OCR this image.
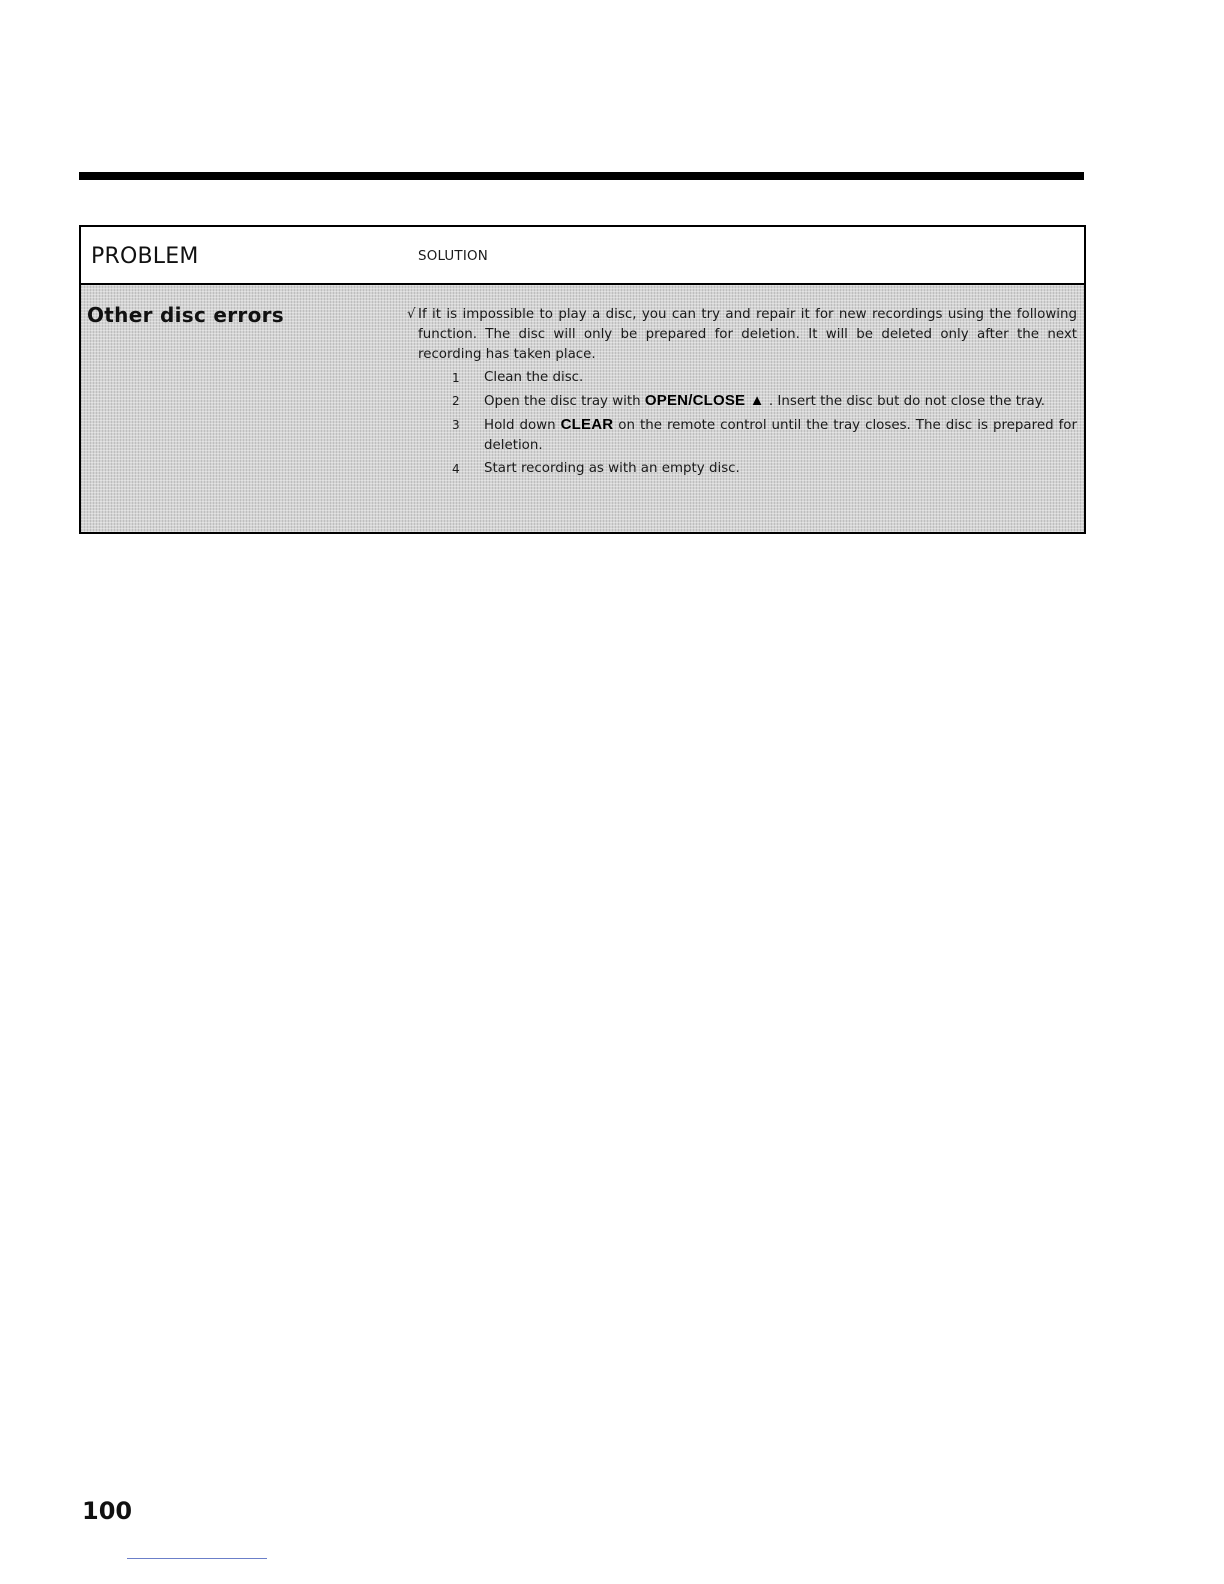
PROBLEM	SOLUTION
Other disc errors	√ If it is impossible to play a disc, you can try and repair it for new recordings using the following function. The disc will only be prepared for deletion. It will be deleted only after the next recording has taken place.

1 Clean the disc.
2 Open the disc tray with OPEN/CLOSE ▲ . Insert the disc but do not close the tray.
3 Hold down CLEAR on the remote control until the tray closes. The disc is prepared for deletion.
4 Start recording as with an empty disc.
100
